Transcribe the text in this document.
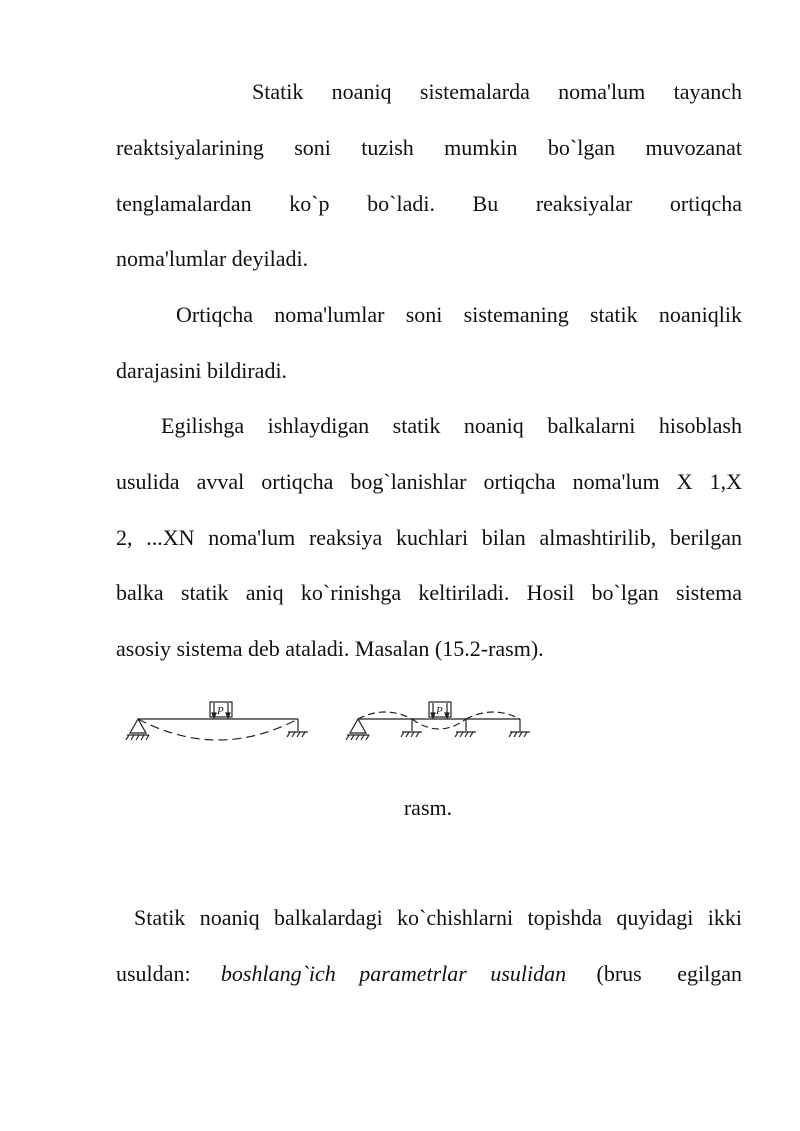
Statik noaniq sistemalarda noma'lum tayanch
reaktsiyalarining soni tuzish mumkin bo`lgan muvozanat
tenglamalardan ko`p bo`ladi. Bu reaksiyalar ortiqcha
noma'lumlar deyiladi.
Ortiqcha noma'lumlar soni sistemaning statik noaniqlik
darajasini bildiradi.
Egilishga ishlaydigan statik noaniq balkalarni hisoblash
usulida avval ortiqcha bog`lanishlar ortiqcha noma'lum X 1,X
2, ...XN noma'lum reaksiya kuchlari bilan almashtirilib, berilgan
balka statik aniq ko`rinishga keltiriladi. Hosil bo`lgan sistema
asosiy sistema deb ataladi. Masalan (15.2-rasm).
P	P
rasm.
Statik noaniq balkalardagi ko`chishlarni topishda quyidagi ikki
usuldan: boshlang`ich parametrlar usulidan (brus egilgan
